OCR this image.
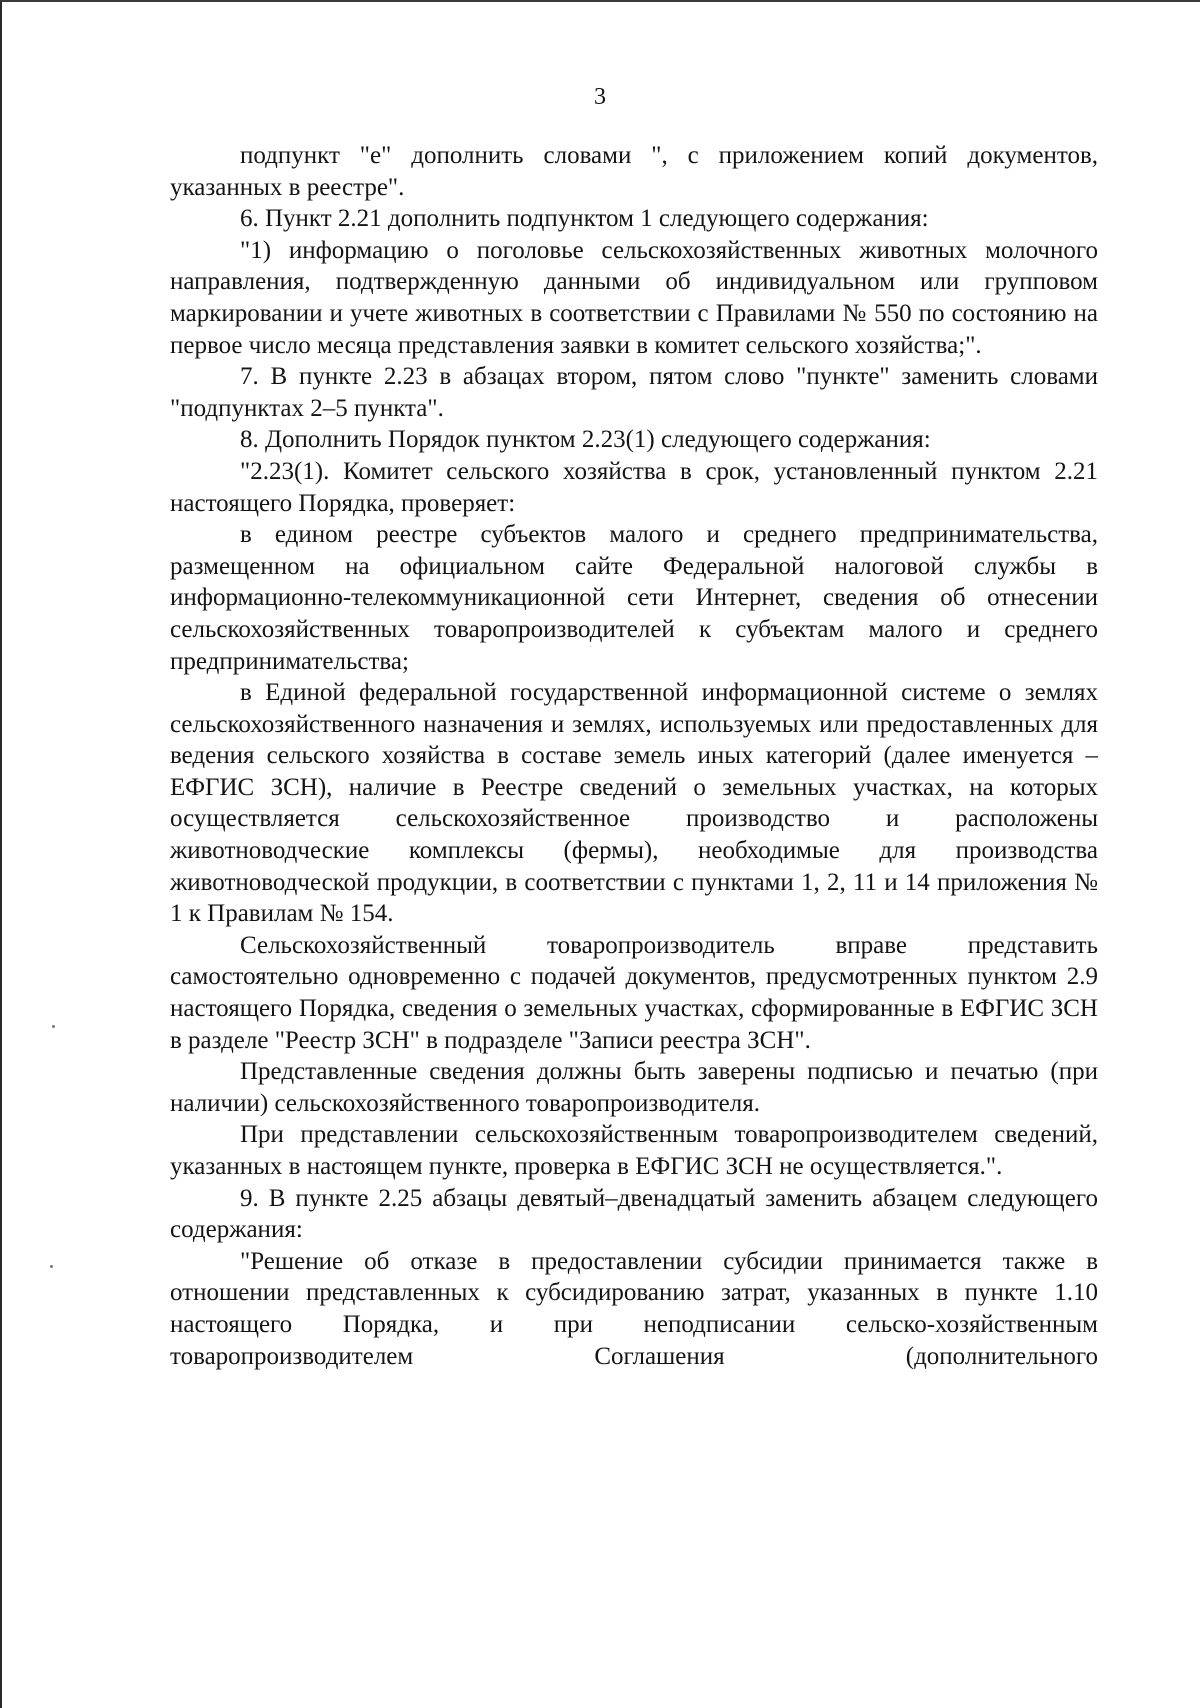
3

подпункт "е" дополнить словами ", с приложением копий документов, указанных в реестре".

6. Пункт 2.21 дополнить подпунктом 1 следующего содержания:

"1) информацию о поголовье сельскохозяйственных животных молочного направления, подтвержденную данными об индивидуальном или групповом маркировании и учете животных в соответствии с Правилами № 550 по состоянию на первое число месяца представления заявки в комитет сельского хозяйства;".

7. В пункте 2.23 в абзацах втором, пятом слово "пункте" заменить словами "подпунктах 2–5 пункта".

8. Дополнить Порядок пунктом 2.23(1) следующего содержания:

"2.23(1). Комитет сельского хозяйства в срок, установленный пунктом 2.21 настоящего Порядка, проверяет:

в едином реестре субъектов малого и среднего предпринимательства, размещенном на официальном сайте Федеральной налоговой службы в информационно-телекоммуникационной сети Интернет, сведения об отнесении сельскохозяйственных товаропроизводителей к субъектам малого и среднего предпринимательства;

в Единой федеральной государственной информационной системе о землях сельскохозяйственного назначения и землях, используемых или предоставленных для ведения сельского хозяйства в составе земель иных категорий (далее именуется – ЕФГИС ЗСН), наличие в Реестре сведений о земельных участках, на которых осуществляется сельскохозяйственное производство и расположены животноводческие комплексы (фермы), необходимые для производства животноводческой продукции, в соответствии с пунктами 1, 2, 11 и 14 приложения № 1 к Правилам № 154.

Сельскохозяйственный товаропроизводитель вправе представить самостоятельно одновременно с подачей документов, предусмотренных пунктом 2.9 настоящего Порядка, сведения о земельных участках, сформированные в ЕФГИС ЗСН в разделе "Реестр ЗСН" в подразделе "Записи реестра ЗСН".

Представленные сведения должны быть заверены подписью и печатью (при наличии) сельскохозяйственного товаропроизводителя.

При представлении сельскохозяйственным товаропроизводителем сведений, указанных в настоящем пункте, проверка в ЕФГИС ЗСН не осуществляется.".

9. В пункте 2.25 абзацы девятый–двенадцатый заменить абзацем следующего содержания:

"Решение об отказе в предоставлении субсидии принимается также в отношении представленных к субсидированию затрат, указанных в пункте 1.10 настоящего Порядка, и при неподписании сельско-хозяйственным товаропроизводителем Соглашения (дополнительного
